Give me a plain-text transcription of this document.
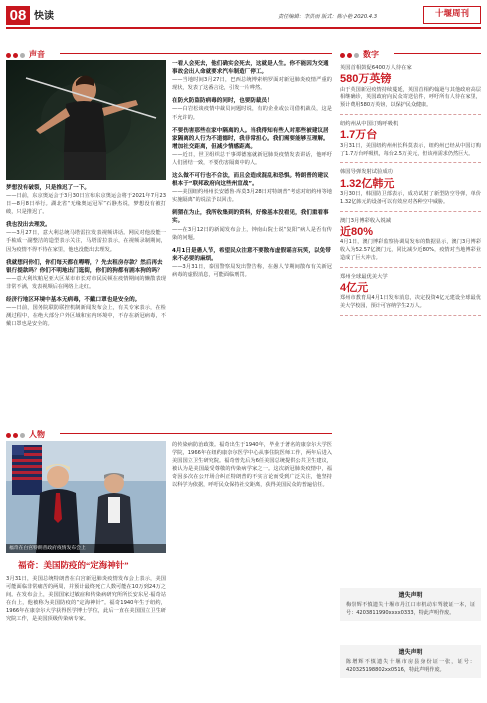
08 快读	责任编辑：李洪雨 版式：陈小艳 2020.4.3	十堰周刊
声音
梦想没有破裂，只是推迟了一下。
——日前，东京奥运会于3月30日宣布东京奥运会将于2021年7月23日—8月8日举行。湖北省“无缘奥运冠军”石静杰说，梦想没有被打破，只是推迟了。
我也没出去理发。
——3月27日，意大利总统马塔雷拉发表视频讲话。网民对他没能一手梳成一副整洁的造型表示关注，马塔雷拉表示，在视频录制期间，因为疫情不得不待在家里，他也没能出去理发。
我就想问你们，你们每天都在嘚嘚，？先去租房存款？然后再去银行提款吗？你们不明地出门逛街，你们的狗都有剧本狗的吗？
——意大利坎帕尼亚大区某市市长对市民民顿在疫情期间的懒散表现非常不满，发表视频后在网络上走红。
经济行地区环境中基本无病毒，不戴口罩也是安全的。
——日前，国务院联防联控机制新闻发布会上，有关专家表示，在检测过程中，在绝大部分户外区域和室内环境中，不存在新冠病毒，不戴口罩也是安全的。
一看人会死去，他们确实会死去，这就是人生。你不能因为交通事故会出人命就要求汽车制造厂停工。
——当地时间3月27日，巴西总统博索纳罗面对新冠肺炎疫情严重的现状，发表了这番言论，引发一片哗然。
在防火防盗防病毒的同时，也要防裁员！
——白岩松谈疫情中裁员问题时说，有的企业或公司借机裁员，这是不允许的。
不要伤害那些在家中隔离的人。当我得知有些人对那些被建议居家隔离的人行为不道德时，我非常担心。我们需要能够互理解。增加社交距离，但减少情感距离。
——近日，世卫组织总干事谭德塞就新冠肺炎疫情发表讲话，他呼吁人们团结一致，不要伤害隔离中的人。
这么做不可行也不合法，而且会造成混乱和恐惧。特朗普的建议根本于“联邦政府向这些州宣战”。
——美国纽约州州长安德鲁·库莫3月28日对特朗普“考虑对纽约州等地实施隔离”的说法予以回击。
刺猬在为止，我所收集到的资料，好像基本没看见，我们重看事实。
——在3月12日的新闻发布会上，钟南山院士说“复阳”病人是否有传染的问题。
4月1日是愚人节，希望民众注意不要散布虚假谣言玩笑，以免带来不必要的麻烦。
——3月31日，泰国警察局发出警告称，在愚人节期间散布有关新冠病毒的虚假消息，可能面临刑罚。
人物
福奇在白宫特朗普政府疫情发布会上
福奇：美国防疫的“定海神针”
3月31日，美国总统特朗普在白宫新冠肺炎疫情发布会上表示，美国可能面临非常痛苦的两周，并预计最终死亡人数可能在10万到24万之间。在发布会上，美国国家过敏症和传染病研究所所长安东尼·福奇站在台上，他被称为美国防疫的“定海神针”。福奇1940年生于纽约，1966年在康奈尔大学获得医学博士学位，此后一直在美国国立卫生研究院工作，是美国顶级传染病专家。
的传染病防治政策。福奇出生于1940年，毕业于著名的康奈尔大学医学院，1966年在纽约康奈尔医学中心从事住院医师工作，两年后进入美国国立卫生研究院。福奇曾先后为6任美国总统提供公共卫生建议，被认为是美国最受尊敬的传染病学家之一。这次新冠肺炎疫情中，福奇因多次在公开场合纠正特朗普的不实言论而受到广泛关注，他坚持以科学为依据，呼吁民众保持社交距离，获得美国民众的普遍信任。
数字
英国首相鼓促6400万人待在家
580万英镑
由于英国新冠疫情持续蔓延，英国首相约翰逊与其他政府高层相继确诊，英国政府向民众寄送信件，呼吁所有人待在家里，预计费用580万英镑，以保护民众健康。
纽约州从中国订购呼吸机
1.7万台
3月31日，美国纽约州州长科莫表示，纽约州已经从中国订购了1.7万台呼吸机，每台2.5万美元，但该州需求仍然巨大。
韩国导弹发射试验成功
1.32亿韩元
3月30日，韩国防卫部表示，成功试射了新型防空导弹，单价1.32亿韩元的设备可以有效应对各种空中威胁。
澳门3月博彩收入锐减
近80%
4月1日，澳门博彩监察协调局发布的数据显示，澳门3月博彩收入为52.57亿澳门元，同比减少近80%，疫情对当地博彩业造成了巨大冲击。
郑州全球最优美大学
4亿元
郑州市教育局4月1日发布消息，决定投资4亿元建设全球最优美大学校园，预计可容纳学生2万人。
遗失声明
梅崇辉不慎遗失十堰市丹江口市机动车驾驶证一本，证号：4203811990xxxx0333，特此声明作废。
遗失声明
陈增辉不慎遗失十堰市房县身份证一张，证号：420325198802xx0516，特此声明作废。
